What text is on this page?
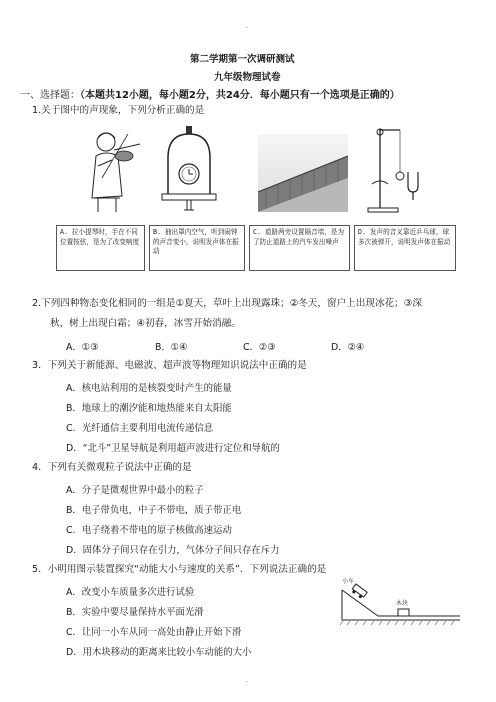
.
第二学期第一次调研测试
九年级物理试卷
一、选择题：（本题共12小题，每小题2分，共24分．每小题只有一个选项是正确的）
1.关于图中的声现象，下列分析正确的是
A. 拉小提琴时，手在不同位置按弦，是为了改变响度
B. 抽出罩内空气，听到闹钟的声音变小，说明发声体在振动
C. 道路两旁设置隔音墙，是为了防止道路上的汽车发出噪声
D. 发声的音叉靠近乒乓球，球多次被弹开，说明发声体在振动
2.下列四种物态变化相同的一组是①夏天，草叶上出现露珠；②冬天，窗户上出现冰花；③深
秋，树上出现白霜；④初春，冰雪开始消融。
A．①③	B．①④	C．②③	D．②④
3．下列关于新能源、电磁波、超声波等物理知识说法中正确的是
A．核电站利用的是核裂变时产生的能量
B．地球上的潮汐能和地热能来自太阳能
C．光纤通信主要利用电流传递信息
D．“北斗”卫星导航是利用超声波进行定位和导航的
4．下列有关微观粒子说法中正确的是
A．分子是微观世界中最小的粒子
B．电子带负电，中子不带电，质子带正电
C．电子绕着不带电的原子核做高速运动
D．固体分子间只存在引力，气体分子间只存在斥力
5．小明用图示装置探究“动能大小与速度的关系”．下列说法正确的是
A．改变小车质量多次进行试验
B．实验中要尽量保持水平面光滑
C．让同一小车从同一高处由静止开始下滑
D．用木块移动的距离来比较小车动能的大小
小车
木块
.
